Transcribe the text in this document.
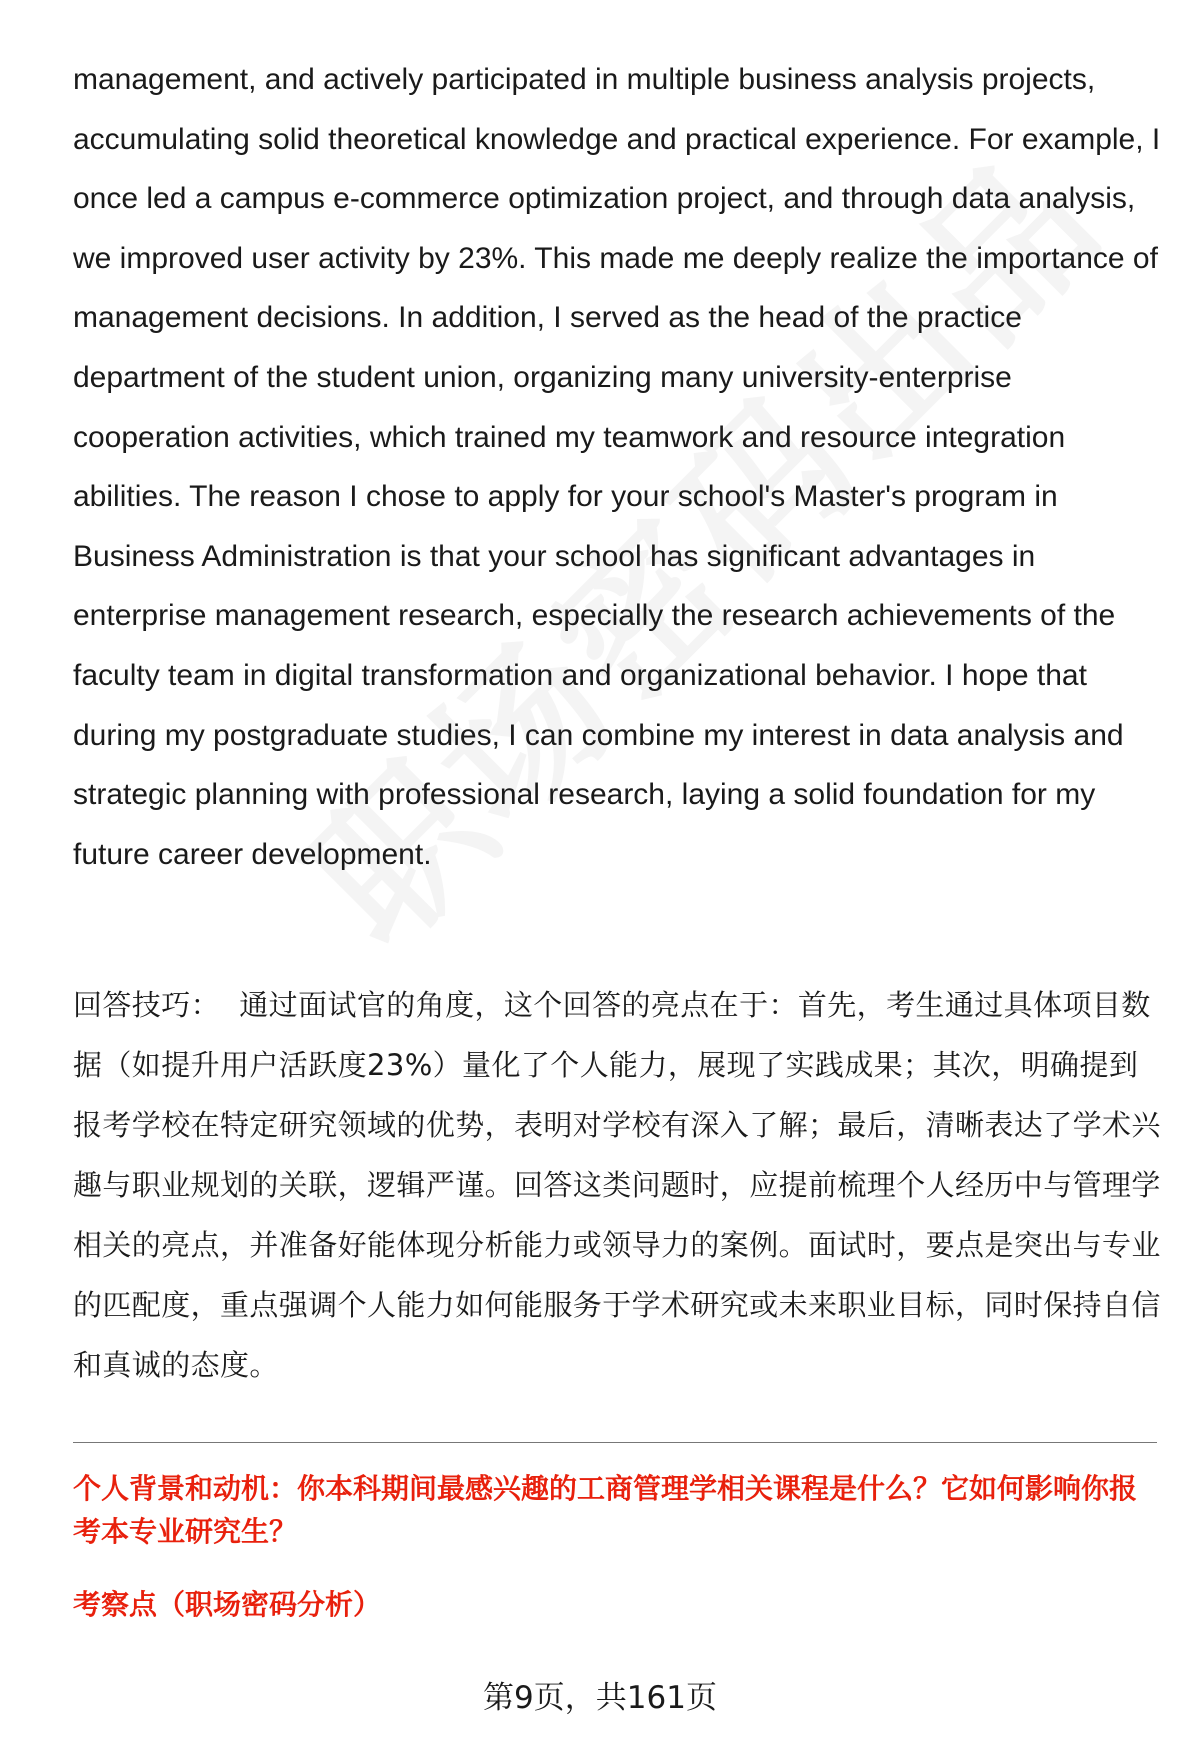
management, and actively participated in multiple business analysis projects, accumulating solid theoretical knowledge and practical experience. For example, I once led a campus e-commerce optimization project, and through data analysis, we improved user activity by 23%. This made me deeply realize the importance of management decisions. In addition, I served as the head of the practice department of the student union, organizing many university-enterprise cooperation activities, which trained my teamwork and resource integration abilities. The reason I chose to apply for your school's Master's program in Business Administration is that your school has significant advantages in enterprise management research, especially the research achievements of the faculty team in digital transformation and organizational behavior. I hope that during my postgraduate studies, I can combine my interest in data analysis and strategic planning with professional research, laying a solid foundation for my future career development.

回答技巧： 通过面试官的角度，这个回答的亮点在于：首先，考生通过具体项目数据（如提升用户活跃度23%）量化了个人能力，展现了实践成果；其次，明确提到报考学校在特定研究领域的优势，表明对学校有深入了解；最后，清晰表达了学术兴趣与职业规划的关联，逻辑严谨。回答这类问题时，应提前梳理个人经历中与管理学相关的亮点，并准备好能体现分析能力或领导力的案例。面试时，要点是突出与专业的匹配度，重点强调个人能力如何能服务于学术研究或未来职业目标，同时保持自信和真诚的态度。

个人背景和动机：你本科期间最感兴趣的工商管理学相关课程是什么？它如何影响你报考本专业研究生？

考察点（职场密码分析）

第9页，共161页
